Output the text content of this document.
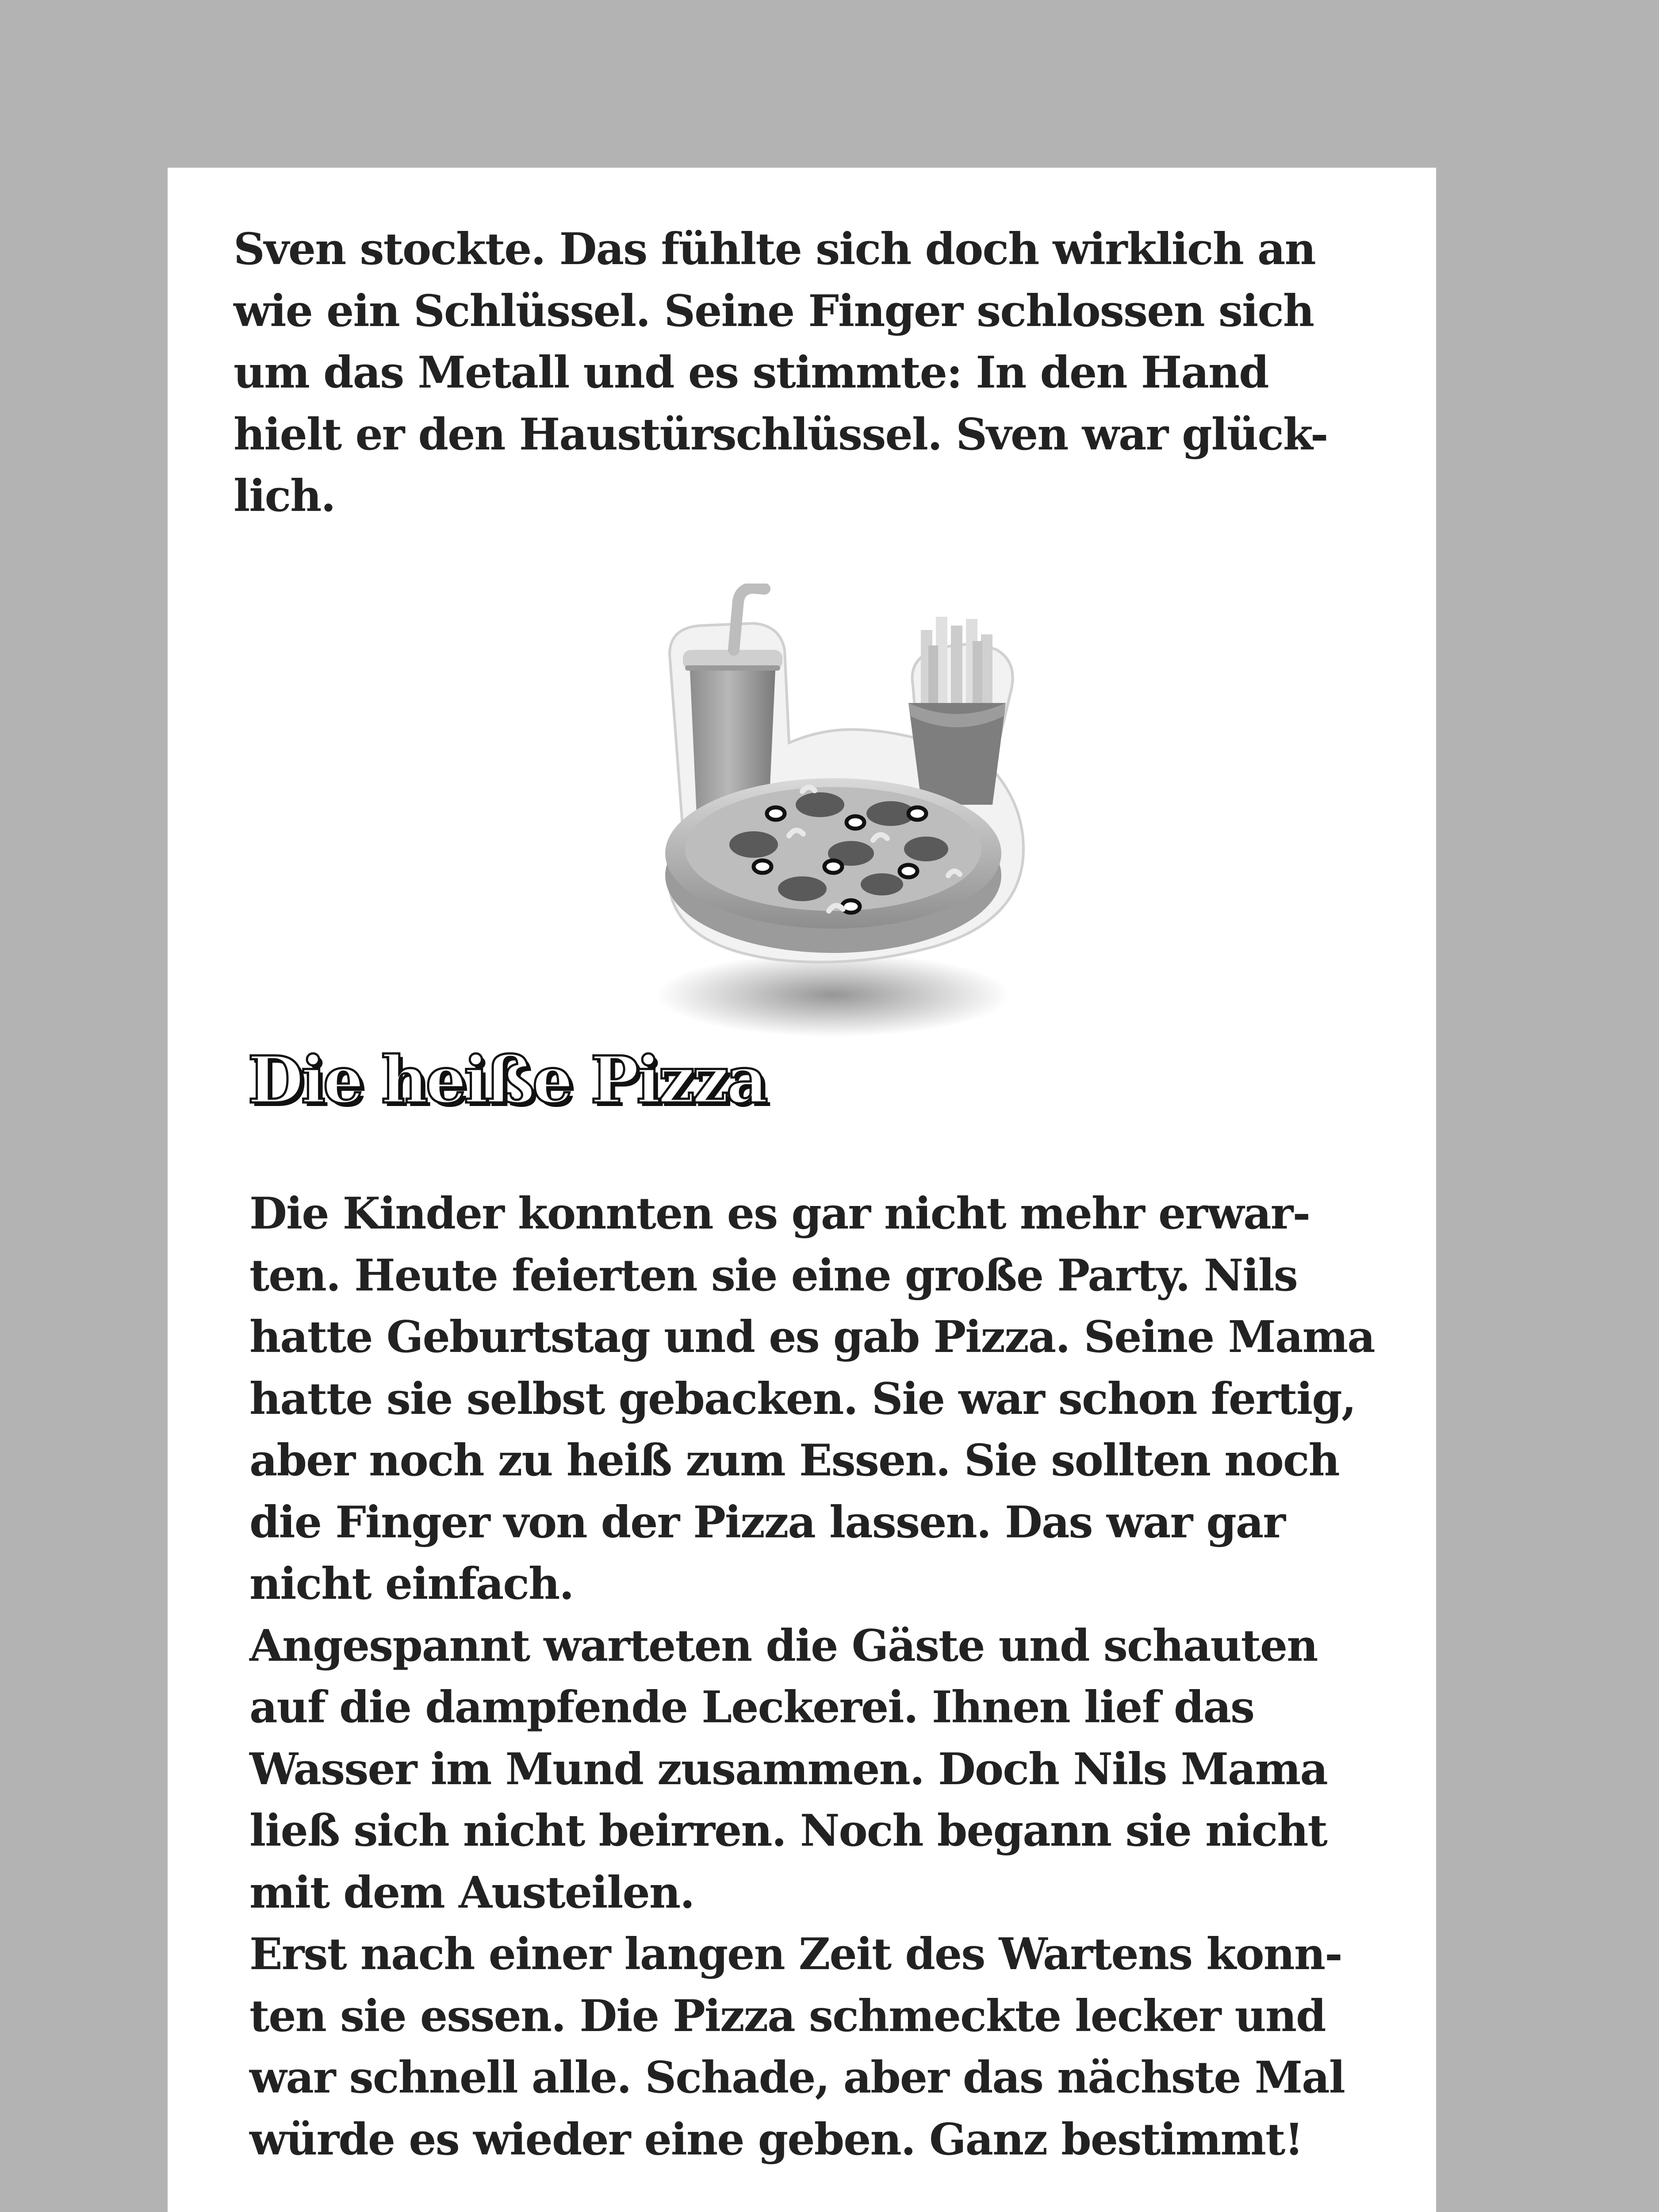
Sven stockte. Das fühlte sich doch wirklich an
wie ein Schlüssel. Seine Finger schlossen sich
um das Metall und es stimmte: In den Hand
hielt er den Haustürschlüssel. Sven war glück-
lich.
Die heiße Pizza
Die Kinder konnten es gar nicht mehr erwar-
ten. Heute feierten sie eine große Party. Nils
hatte Geburtstag und es gab Pizza. Seine Mama
hatte sie selbst gebacken. Sie war schon fertig,
aber noch zu heiß zum Essen. Sie sollten noch
die Finger von der Pizza lassen. Das war gar
nicht einfach.
Angespannt warteten die Gäste und schauten
auf die dampfende Leckerei. Ihnen lief das
Wasser im Mund zusammen. Doch Nils Mama
ließ sich nicht beirren. Noch begann sie nicht
mit dem Austeilen.
Erst nach einer langen Zeit des Wartens konn-
ten sie essen. Die Pizza schmeckte lecker und
war schnell alle. Schade, aber das nächste Mal
würde es wieder eine geben. Ganz bestimmt!
